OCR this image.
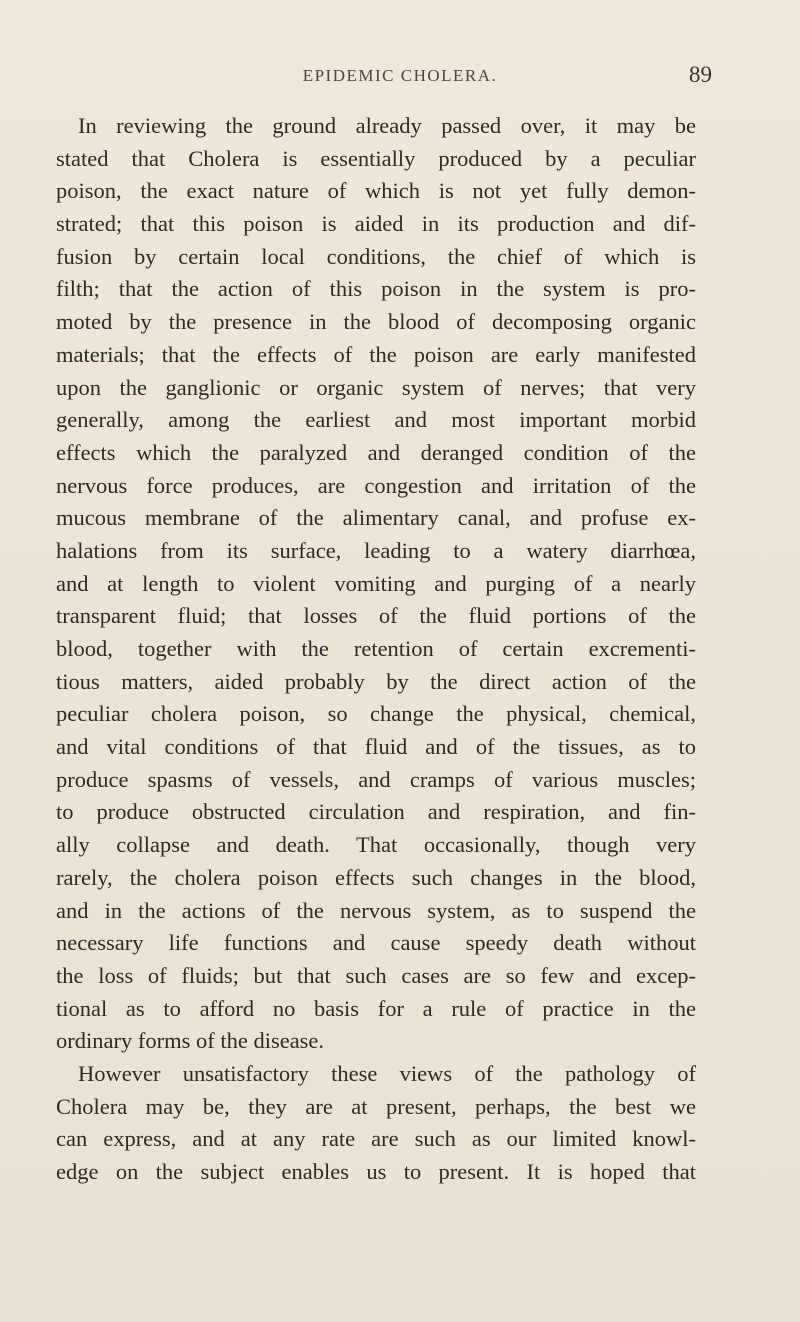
EPIDEMIC CHOLERA.	89
In reviewing the ground already passed over, it may be
stated that Cholera is essentially produced by a peculiar
poison, the exact nature of which is not yet fully demon-
strated; that this poison is aided in its production and dif-
fusion by certain local conditions, the chief of which is
filth; that the action of this poison in the system is pro-
moted by the presence in the blood of decomposing organic
materials; that the effects of the poison are early manifested
upon the ganglionic or organic system of nerves; that very
generally, among the earliest and most important morbid
effects which the paralyzed and deranged condition of the
nervous force produces, are congestion and irritation of the
mucous membrane of the alimentary canal, and profuse ex-
halations from its surface, leading to a watery diarrhœa,
and at length to violent vomiting and purging of a nearly
transparent fluid; that losses of the fluid portions of the
blood, together with the retention of certain excrementi-
tious matters, aided probably by the direct action of the
peculiar cholera poison, so change the physical, chemical,
and vital conditions of that fluid and of the tissues, as to
produce spasms of vessels, and cramps of various muscles;
to produce obstructed circulation and respiration, and fin-
ally collapse and death. That occasionally, though very
rarely, the cholera poison effects such changes in the blood,
and in the actions of the nervous system, as to suspend the
necessary life functions and cause speedy death without
the loss of fluids; but that such cases are so few and excep-
tional as to afford no basis for a rule of practice in the
ordinary forms of the disease.
However unsatisfactory these views of the pathology of
Cholera may be, they are at present, perhaps, the best we
can express, and at any rate are such as our limited knowl-
edge on the subject enables us to present. It is hoped that
